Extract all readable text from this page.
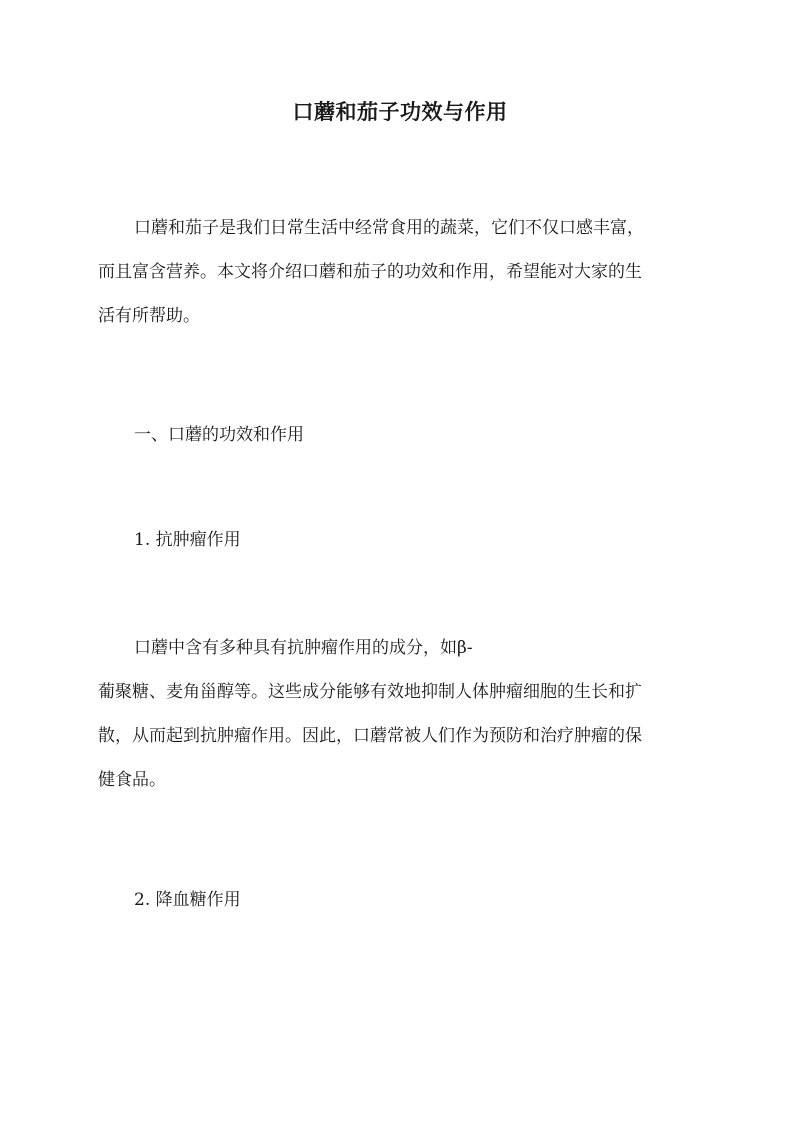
口蘑和茄子功效与作用
口蘑和茄子是我们日常生活中经常食用的蔬菜，它们不仅口感丰富，
而且富含营养。本文将介绍口蘑和茄子的功效和作用，希望能对大家的生
活有所帮助。
一、口蘑的功效和作用
1. 抗肿瘤作用
口蘑中含有多种具有抗肿瘤作用的成分，如β-
葡聚糖、麦角甾醇等。这些成分能够有效地抑制人体肿瘤细胞的生长和扩
散，从而起到抗肿瘤作用。因此，口蘑常被人们作为预防和治疗肿瘤的保
健食品。
2. 降血糖作用
